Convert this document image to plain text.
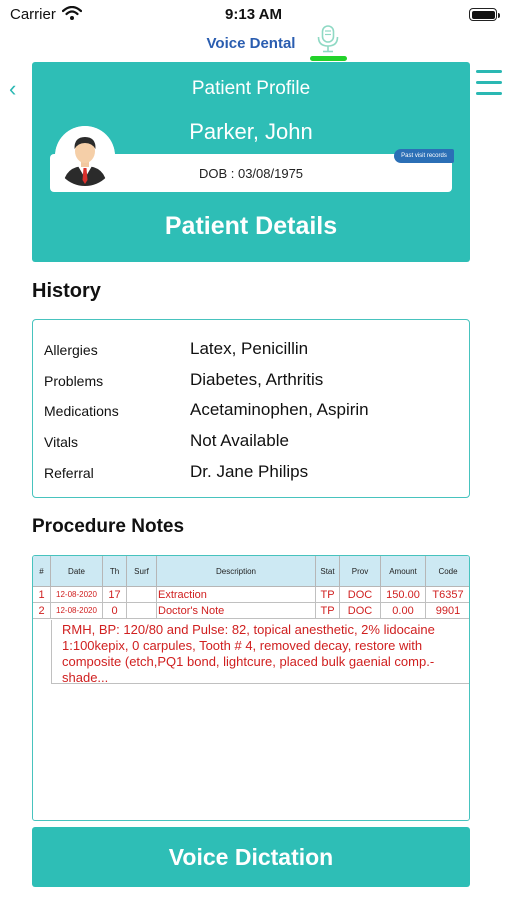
Carrier	9:13 AM
Voice Dental
‹	Patient Profile
Parker, John
DOB : 03/08/1975
Past visit records
Patient Details
History
Allergies	Latex, Penicillin
Problems	Diabetes, Arthritis
Medications	Acetaminophen, Aspirin
Vitals	Not Available
Referral	Dr. Jane Philips
Procedure Notes
#	Date	Th	Surf	Description	Stat	Prov	Amount	Code
1	12-08-2020	17		Extraction	TP	DOC	150.00	T6357
2	12-08-2020	0		Doctor's Note	TP	DOC	0.00	9901
RMH, BP: 120/80 and Pulse: 82, topical anesthetic, 2% lidocaine 1:100kepix, 0 carpules, Tooth # 4, removed decay, restore with composite (etch,PQ1 bond, lightcure, placed bulk gaenial comp.-shade...
Voice Dictation
